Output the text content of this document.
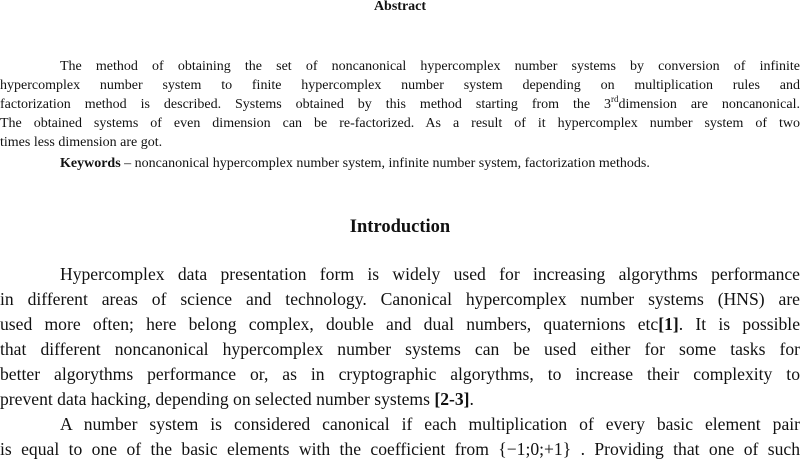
Abstract
The method of obtaining the set of noncanonical hypercomplex number systems by conversion of infinite
hypercomplex number system to finite hypercomplex number system depending on multiplication rules and
factorization method is described. Systems obtained by this method starting from the 3rddimension are noncanonical.
The obtained systems of even dimension can be re-factorized. As a result of it hypercomplex number system of two
times less dimension are got.
Keywords – noncanonical hypercomplex number system, infinite number system, factorization methods.
Introduction
Hypercomplex data presentation form is widely used for increasing algorythms performance
in different areas of science and technology. Canonical hypercomplex number systems (HNS) are
used more often; here belong complex, double and dual numbers, quaternions etc[1]. It is possible
that different noncanonical hypercomplex number systems can be used either for some tasks for
better algorythms performance or, as in cryptographic algorythms, to increase their complexity to
prevent data hacking, depending on selected number systems [2-3].
A number system is considered canonical if each multiplication of every basic element pair
is equal to one of the basic elements with the coefficient from {−1;0;+1} . Providing that one of such
